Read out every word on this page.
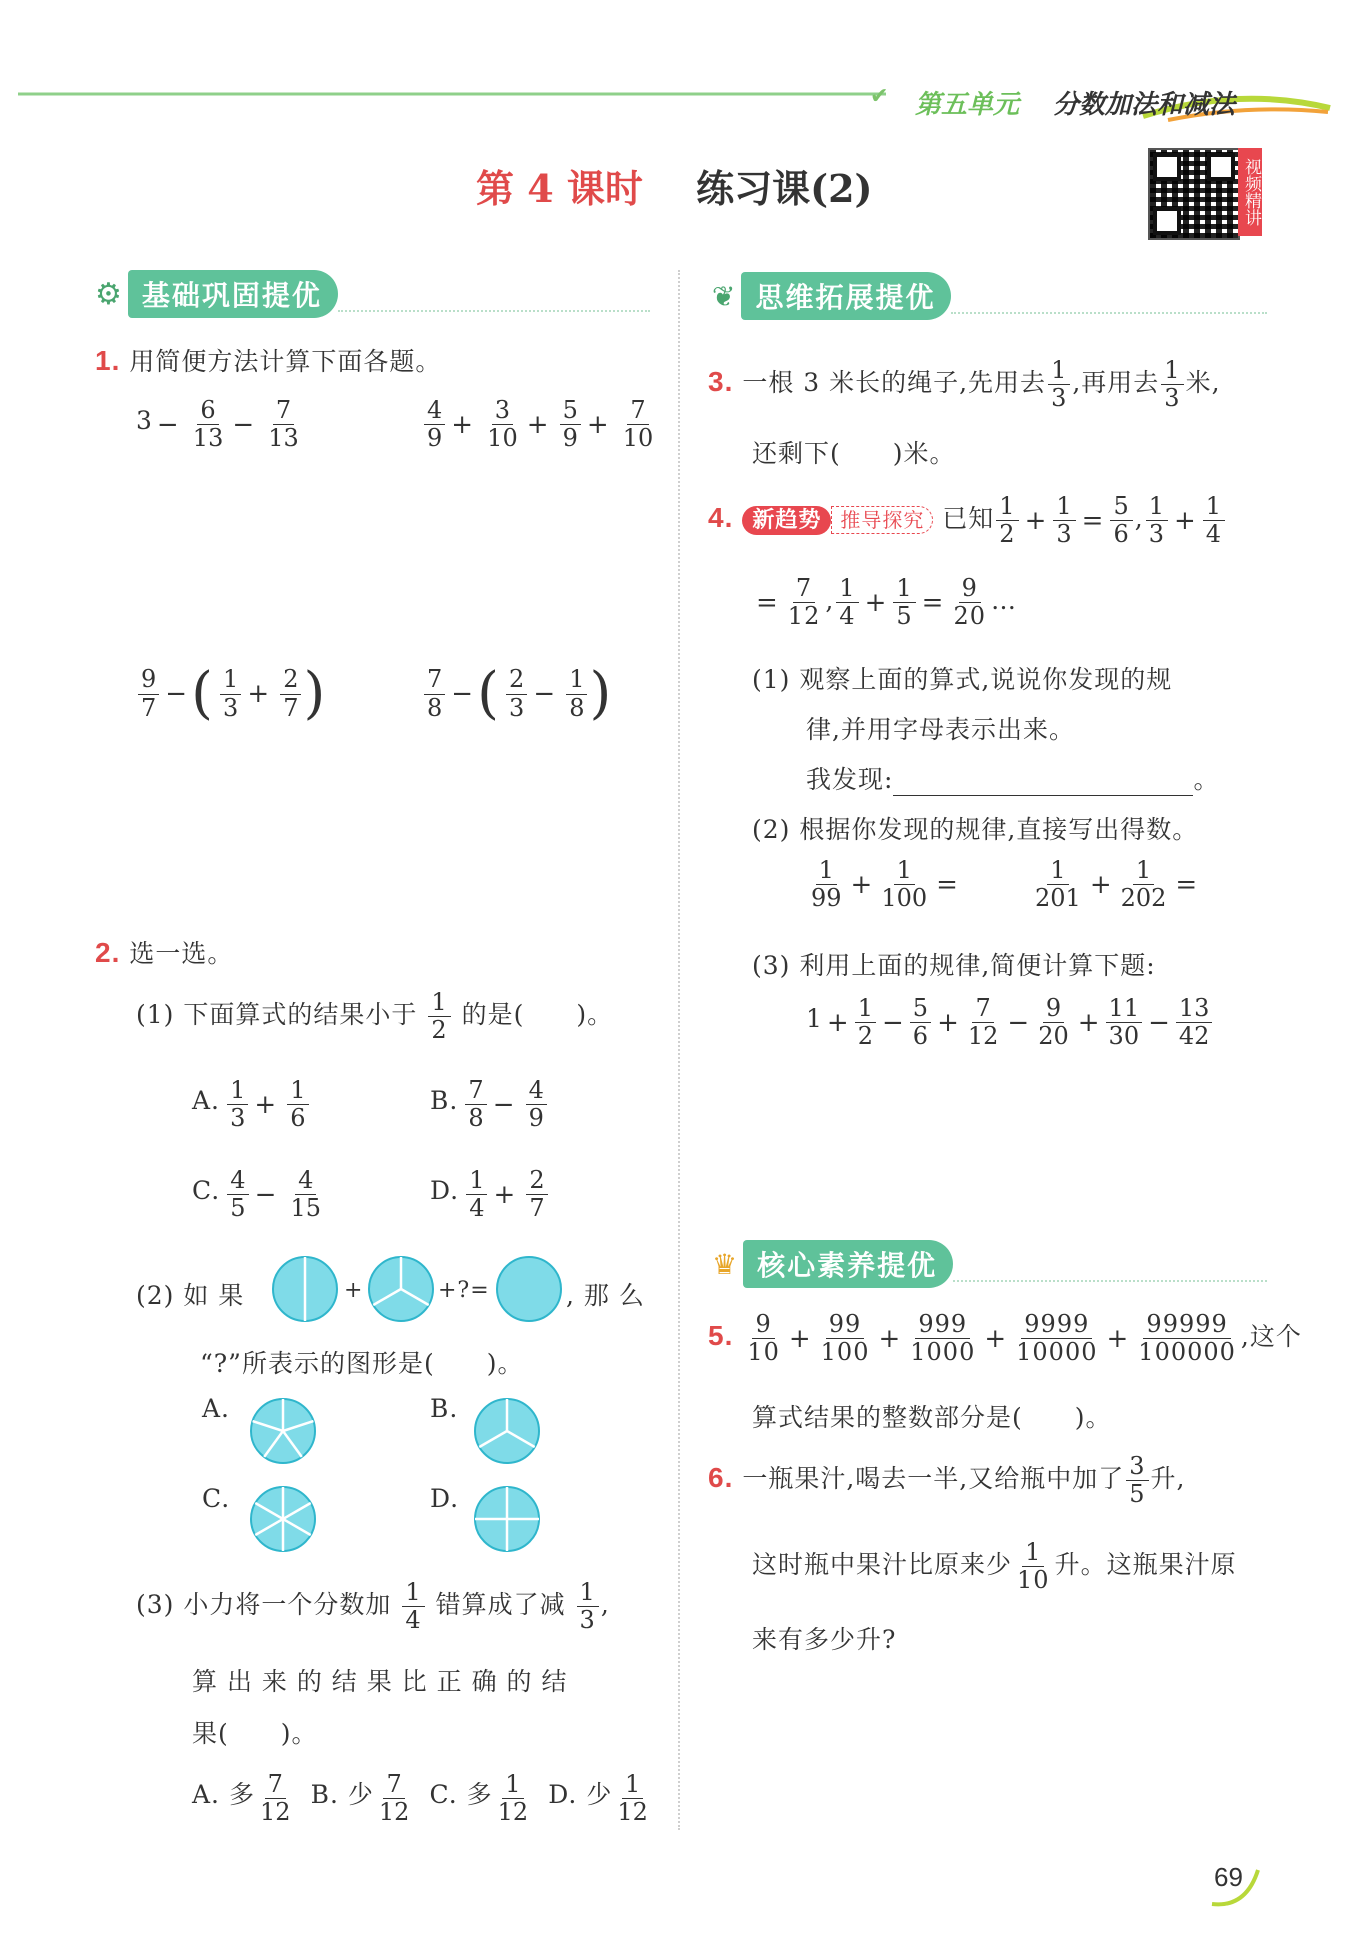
✔ 第五单元 分数加法和减法
第 4 课时 练习课(2)	视频精讲
⚙ 基础巩固提优
1. 用简便方法计算下面各题。
$3 - \frac{6}{13} - \frac{7}{13}$	$\frac{4}{9} + \frac{3}{10} + \frac{5}{9} + \frac{7}{10}$
$\frac{9}{7}$ −( $\frac{1}{3} + \frac{2}{7}$ )	$\frac{7}{8}$ −( $\frac{2}{3} - \frac{1}{8}$ )
2. 选一选。
(1) 下面算式的结果小于 $\frac{1}{2}$ 的是(　　)。
A. $\frac{1}{3} + \frac{1}{6}$	B. $\frac{7}{8} - \frac{4}{9}$
C. $\frac{4}{5} - \frac{4}{15}$	D. $\frac{1}{4} + \frac{2}{7}$
(2) 如 果	+	+?=	, 那 么
“?”所表示的图形是(　　)。
A.	B.
C.	D.
(3) 小力将一个分数加 $\frac{1}{4}$ 错算成了减 $\frac{1}{3}$ ,
算 出 来 的 结 果 比 正 确 的 结
果(　　)。
A. 多 $\frac{7}{12} B$. 少 $\frac{7}{12} C$. 多 $\frac{1}{12} D$. 少 $\frac{1}{12}$
❦ 思维拓展提优
3. 一根 3 米长的绳子,先用去 $\frac{1}{3}$ ,再用去 $\frac{1}{3}$ 米,
还剩下(　　)米。
4. 新趋势 推导探究 已知 $\frac{1}{2} + \frac{1}{3} = \frac{5}{6}$ , $\frac{1}{3} + \frac{1}{4}$
= $\frac{7}{12}$ , $\frac{1}{4} + \frac{1}{5} = \frac{9}{20}$ …
(1) 观察上面的算式,说说你发现的规
律,并用字母表示出来。
我发现:	。
(2) 根据你发现的规律,直接写出得数。
$\frac{1}{99} + \frac{1}{100}$ =	$\frac{1}{201} + \frac{1}{202}$ =
(3) 利用上面的规律,简便计算下题:
$1 + \frac{1}{2} - \frac{5}{6} + \frac{7}{12} - \frac{9}{20} + \frac{11}{30} - \frac{13}{42}$
♛ 核心素养提优
5. $\frac{9}{10} + \frac{99}{100} + \frac{999}{1000} + \frac{9999}{10000} + \frac{99999}{100000}$ ,这个
算式结果的整数部分是(　　)。
6. 一瓶果汁,喝去一半,又给瓶中加了 $\frac{3}{5}$ 升,
这时瓶中果汁比原来少 $\frac{1}{10}$ 升。这瓶果汁原
来有多少升?
69
